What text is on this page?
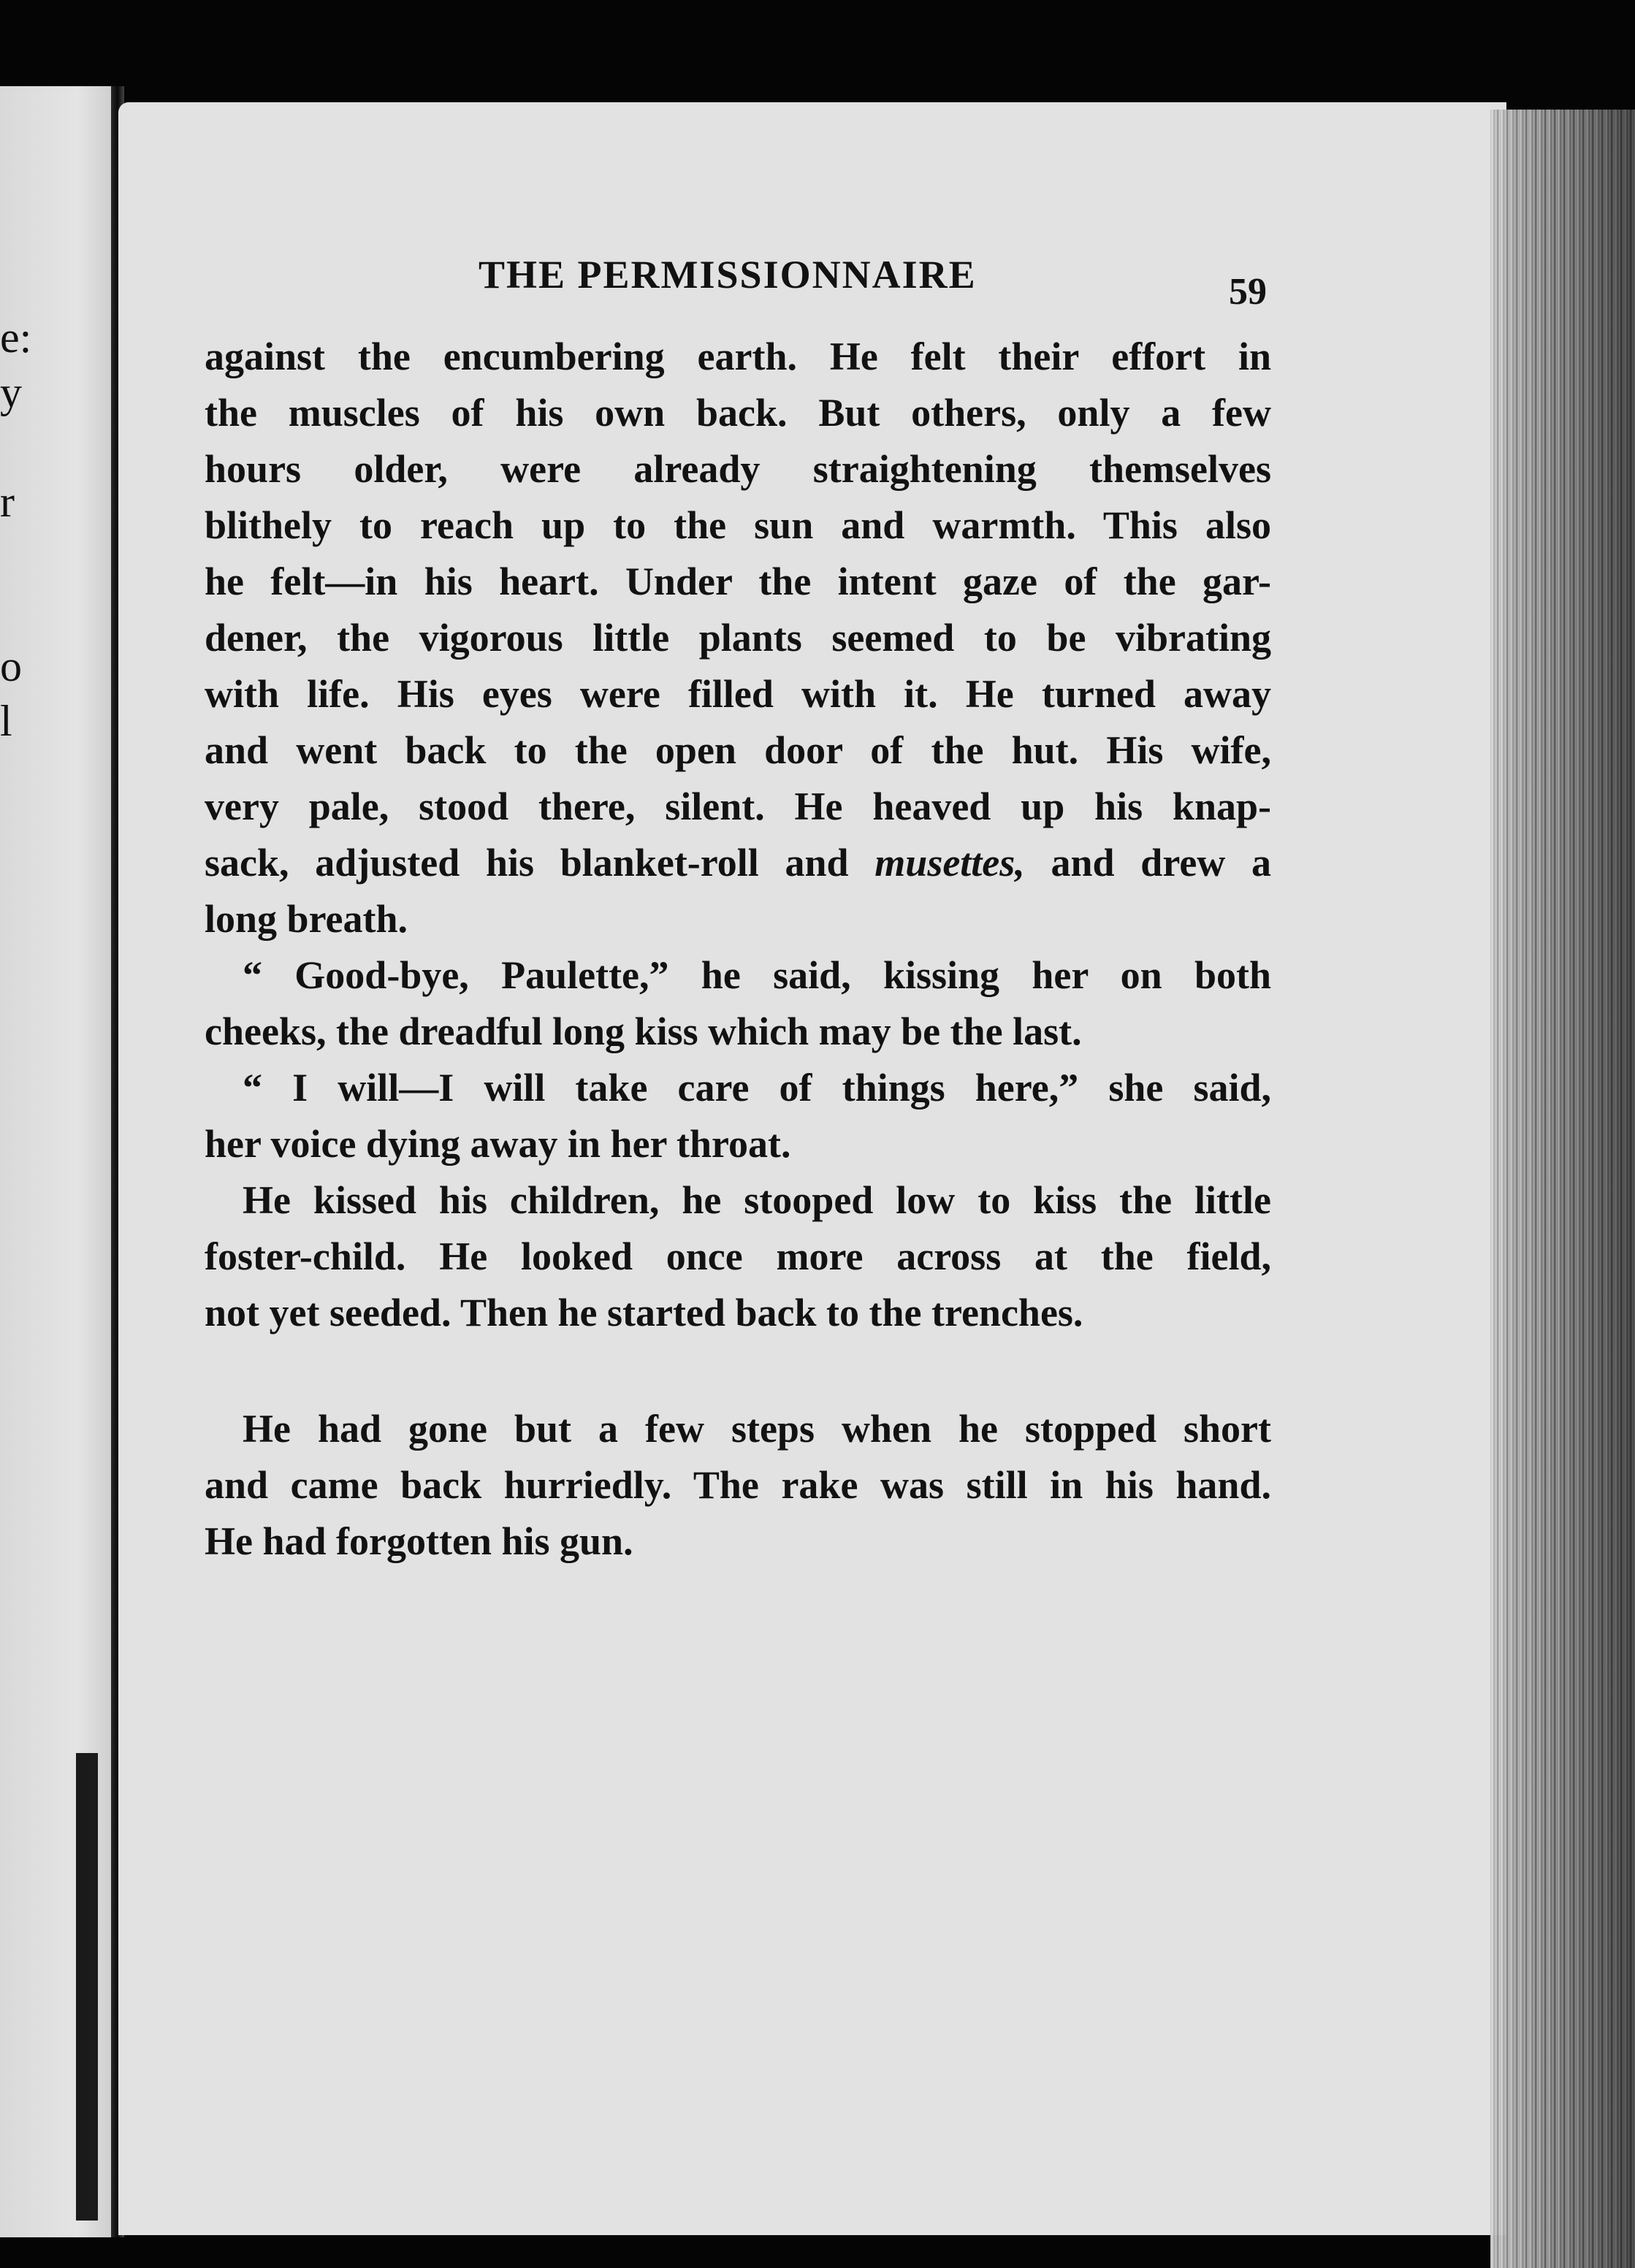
e:
y
r
o
l
THE PERMISSIONNAIRE	59
against the encumbering earth. He felt their effort in
the muscles of his own back. But others, only a few
hours older, were already straightening themselves
blithely to reach up to the sun and warmth. This also
he felt—in his heart. Under the intent gaze of the gar-
dener, the vigorous little plants seemed to be vibrating
with life. His eyes were filled with it. He turned away
and went back to the open door of the hut. His wife,
very pale, stood there, silent. He heaved up his knap-
sack, adjusted his blanket-roll and musettes, and drew a
long breath.
“ Good-bye, Paulette,” he said, kissing her on both
cheeks, the dreadful long kiss which may be the last.
“ I will—I will take care of things here,” she said,
her voice dying away in her throat.
He kissed his children, he stooped low to kiss the little
foster-child. He looked once more across at the field,
not yet seeded. Then he started back to the trenches.
He had gone but a few steps when he stopped short
and came back hurriedly. The rake was still in his hand.
He had forgotten his gun.
